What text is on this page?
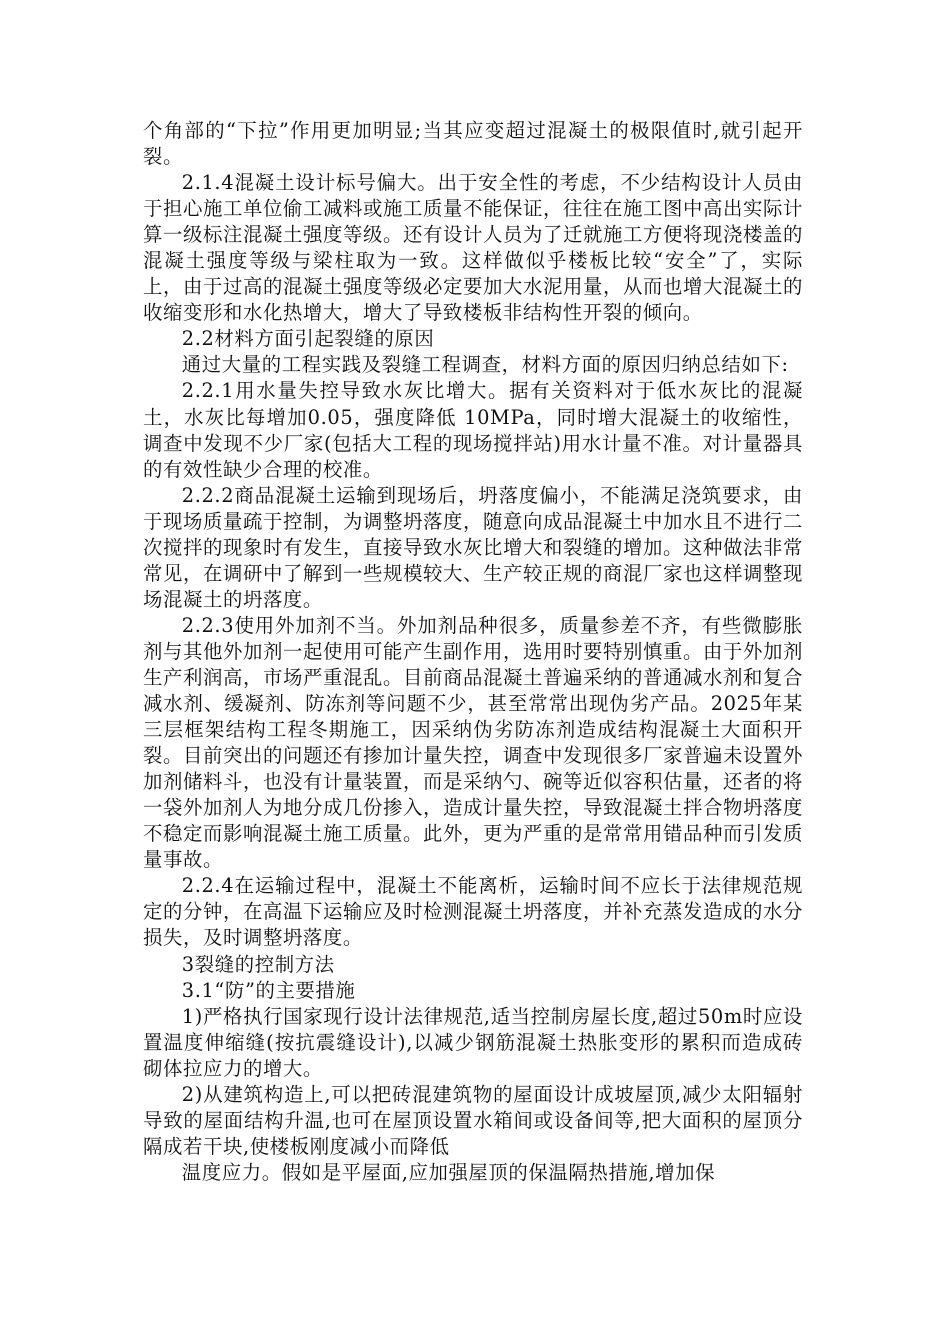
个角部的“下拉”作用更加明显;当其应变超过混凝土的极限值时,就引起开裂。

2.1.4混凝土设计标号偏大。出于安全性的考虑，不少结构设计人员由于担心施工单位偷工减料或施工质量不能保证，往往在施工图中高出实际计算一级标注混凝土强度等级。还有设计人员为了迁就施工方便将现浇楼盖的混凝土强度等级与梁柱取为一致。这样做似乎楼板比较“安全”了，实际上，由于过高的混凝土强度等级必定要加大水泥用量，从而也增大混凝土的收缩变形和水化热增大，增大了导致楼板非结构性开裂的倾向。

2.2材料方面引起裂缝的原因

通过大量的工程实践及裂缝工程调查，材料方面的原因归纳总结如下:

2.2.1用水量失控导致水灰比增大。据有关资料对于低水灰比的混凝土，水灰比每增加0.05，强度降低 10MPa，同时增大混凝土的收缩性，调查中发现不少厂家(包括大工程的现场搅拌站)用水计量不准。对计量器具的有效性缺少合理的校准。

2.2.2商品混凝土运输到现场后，坍落度偏小，不能满足浇筑要求，由于现场质量疏于控制，为调整坍落度，随意向成品混凝土中加水且不进行二次搅拌的现象时有发生，直接导致水灰比增大和裂缝的增加。这种做法非常常见，在调研中了解到一些规模较大、生产较正规的商混厂家也这样调整现场混凝土的坍落度。

2.2.3使用外加剂不当。外加剂品种很多，质量参差不齐，有些微膨胀剂与其他外加剂一起使用可能产生副作用，选用时要特别慎重。由于外加剂生产利润高，市场严重混乱。目前商品混凝土普遍采纳的普通减水剂和复合减水剂、缓凝剂、防冻剂等问题不少，甚至常常出现伪劣产品。2025年某三层框架结构工程冬期施工，因采纳伪劣防冻剂造成结构混凝土大面积开裂。目前突出的问题还有掺加计量失控，调查中发现很多厂家普遍未设置外加剂储料斗，也没有计量装置，而是采纳勺、碗等近似容积估量，还者的将一袋外加剂人为地分成几份掺入，造成计量失控，导致混凝土拌合物坍落度不稳定而影响混凝土施工质量。此外，更为严重的是常常用错品种而引发质量事故。

2.2.4在运输过程中，混凝土不能离析，运输时间不应长于法律规范规定的分钟，在高温下运输应及时检测混凝土坍落度，并补充蒸发造成的水分损失，及时调整坍落度。

3裂缝的控制方法

3.1“防”的主要措施

1)严格执行国家现行设计法律规范,适当控制房屋长度,超过50m时应设置温度伸缩缝(按抗震缝设计),以减少钢筋混凝土热胀变形的累积而造成砖砌体拉应力的增大。

2)从建筑构造上,可以把砖混建筑物的屋面设计成坡屋顶,减少太阳辐射导致的屋面结构升温,也可在屋顶设置水箱间或设备间等,把大面积的屋顶分隔成若干块,使楼板刚度减小而降低

温度应力。假如是平屋面,应加强屋顶的保温隔热措施,增加保
